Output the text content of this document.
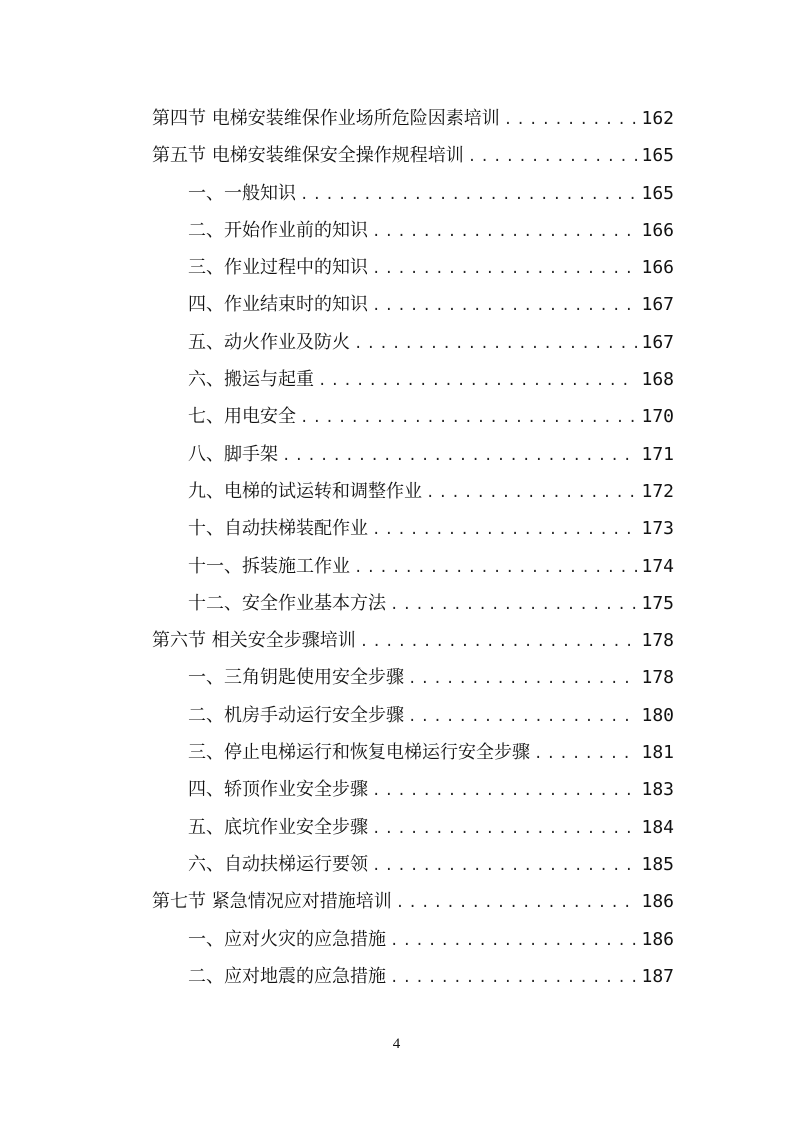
第四节 电梯安装维保作业场所危险因素培训 .....	162
第五节 电梯安装维保安全操作规程培训 .....	165
一、一般知识 .....	165
二、开始作业前的知识 .....	166
三、作业过程中的知识 .....	166
四、作业结束时的知识 .....	167
五、动火作业及防火 .....	167
六、搬运与起重 .....	168
七、用电安全 .....	170
八、脚手架 .....	171
九、电梯的试运转和调整作业 .....	172
十、自动扶梯装配作业 .....	173
十一、拆装施工作业 .....	174
十二、安全作业基本方法 .....	175
第六节 相关安全步骤培训 .....	178
一、三角钥匙使用安全步骤 .....	178
二、机房手动运行安全步骤 .....	180
三、停止电梯运行和恢复电梯运行安全步骤 .....	181
四、轿顶作业安全步骤 .....	183
五、底坑作业安全步骤 .....	184
六、自动扶梯运行要领 .....	185
第七节 紧急情况应对措施培训 .....	186
一、应对火灾的应急措施 .....	186
二、应对地震的应急措施 .....	187
4
